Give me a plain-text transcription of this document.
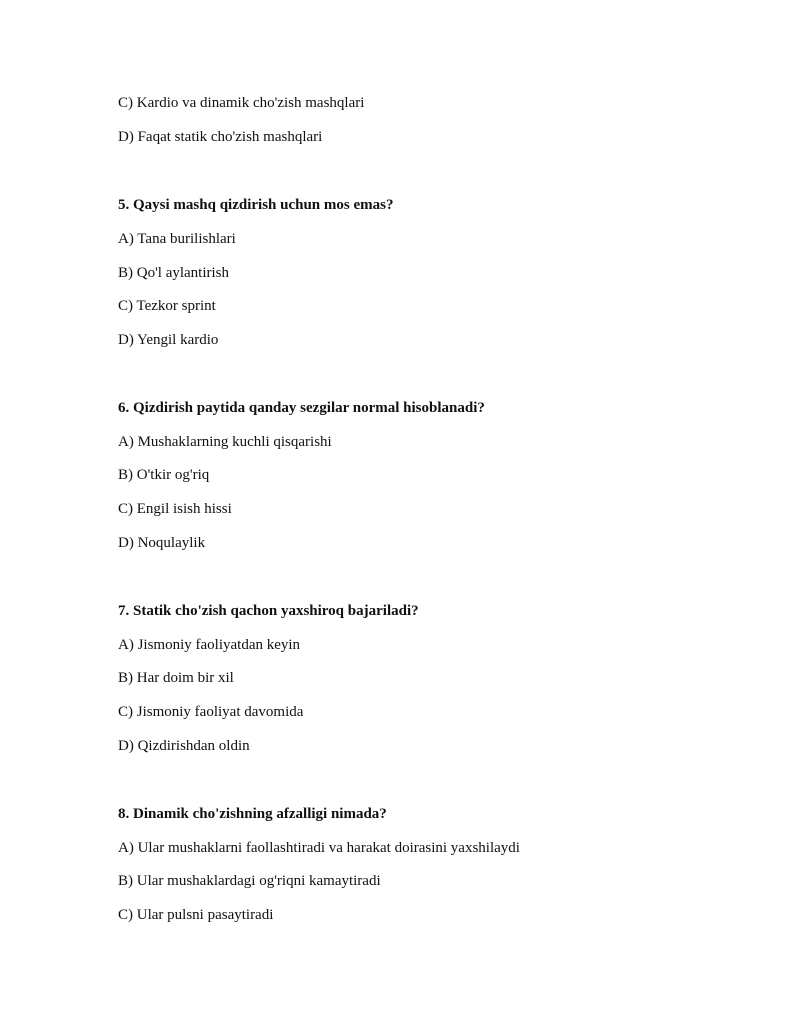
C) Kardio va dinamik cho'zish mashqlari
D) Faqat statik cho'zish mashqlari
5. Qaysi mashq qizdirish uchun mos emas?
A) Tana burilishlari
B) Qo'l aylantirish
C) Tezkor sprint
D) Yengil kardio
6. Qizdirish paytida qanday sezgilar normal hisoblanadi?
A) Mushaklarning kuchli qisqarishi
B) O'tkir og'riq
C) Engil isish hissi
D) Noqulaylik
7. Statik cho'zish qachon yaxshiroq bajariladi?
A) Jismoniy faoliyatdan keyin
B) Har doim bir xil
C) Jismoniy faoliyat davomida
D) Qizdirishdan oldin
8. Dinamik cho'zishning afzalligi nimada?
A) Ular mushaklarni faollashtiradi va harakat doirasini yaxshilaydi
B) Ular mushaklardagi og'riqni kamaytiradi
C) Ular pulsni pasaytiradi
